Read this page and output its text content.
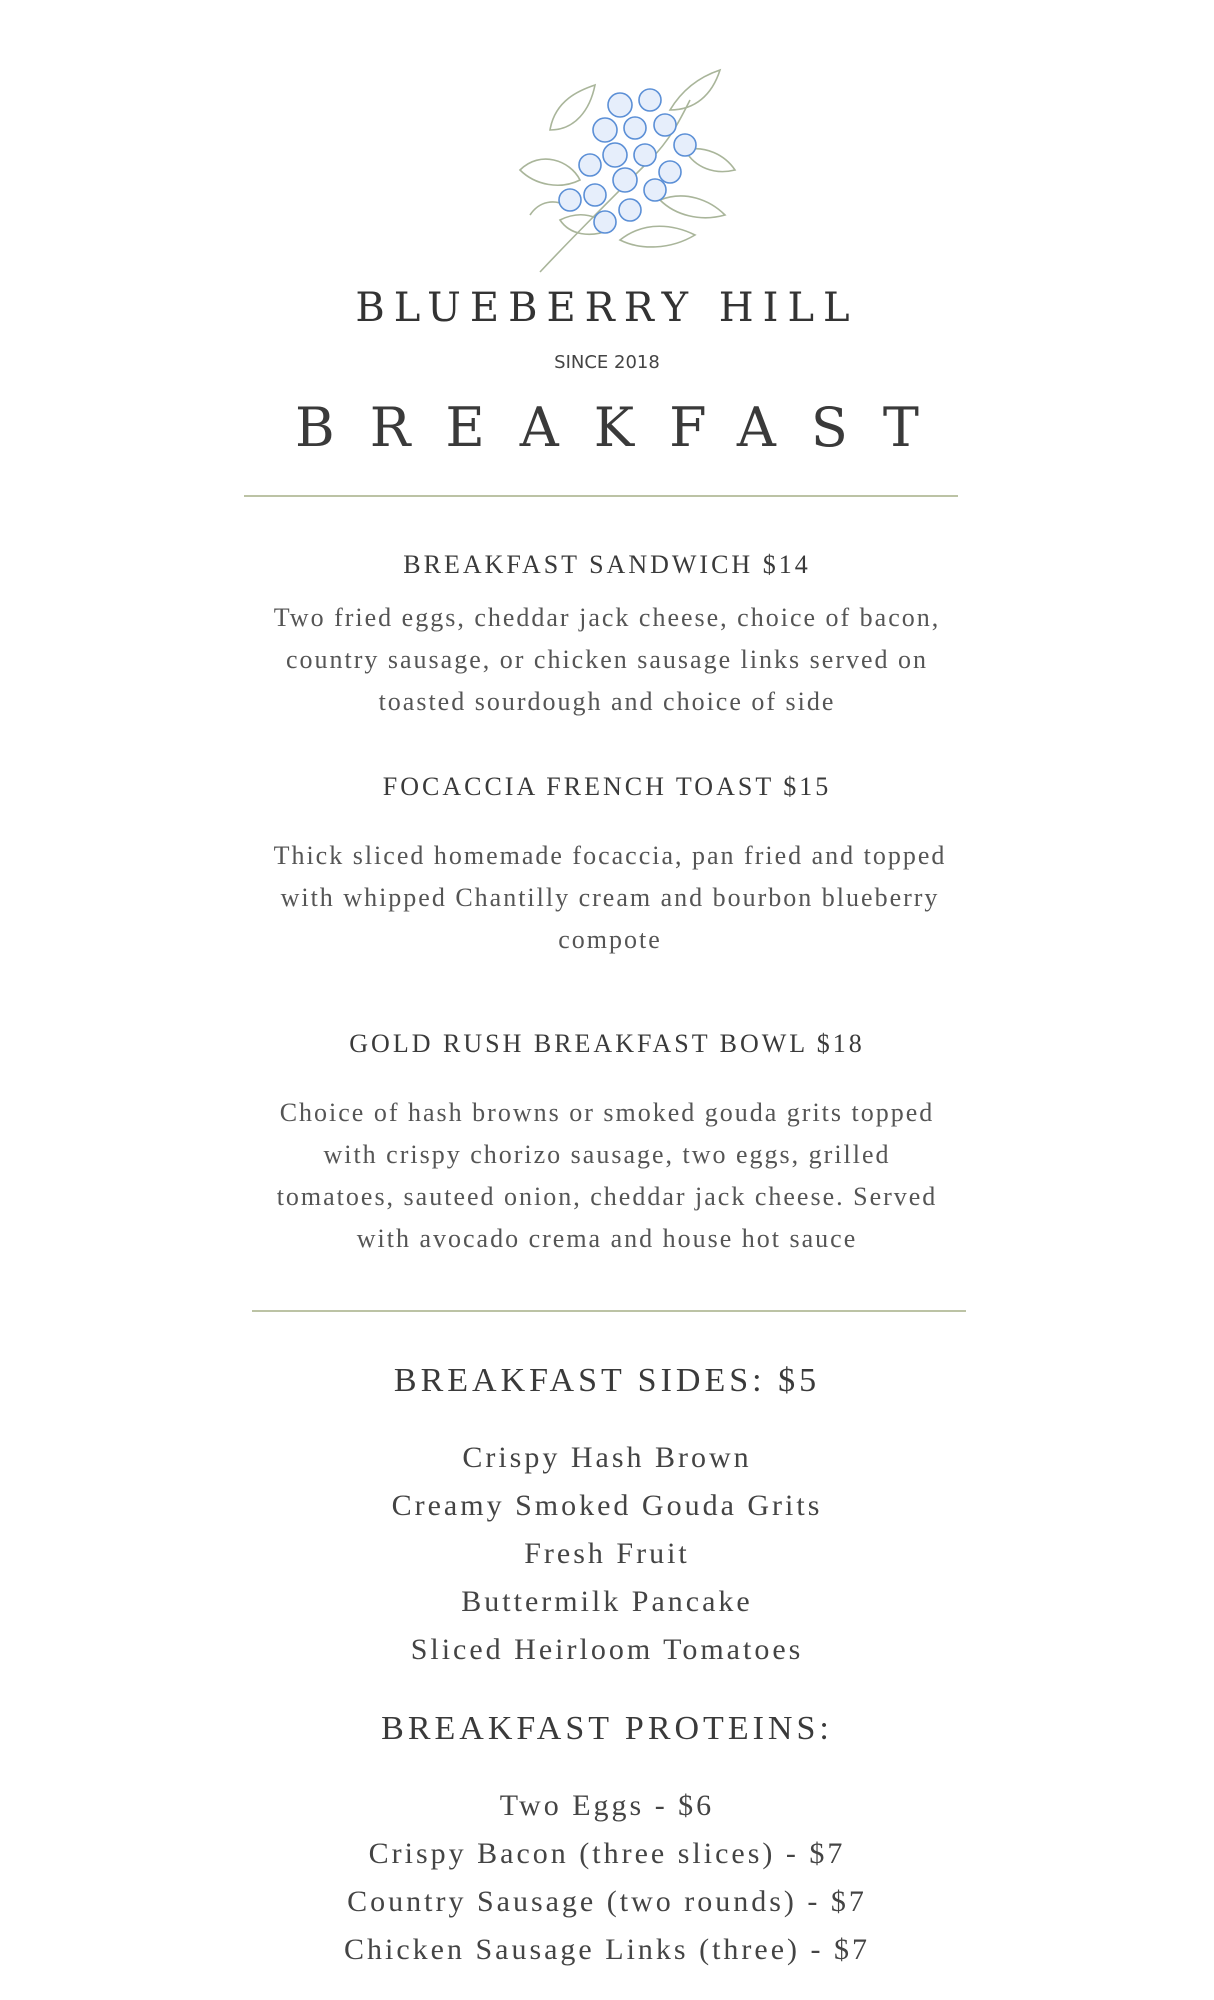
BLUEBERRY HILL
SINCE 2018
BREAKFAST
BREAKFAST SANDWICH $14
Two fried eggs, cheddar jack cheese, choice of bacon, country sausage, or chicken sausage links served on toasted sourdough and choice of side
FOCACCIA FRENCH TOAST $15
Thick sliced homemade focaccia, pan fried and topped with whipped Chantilly cream and bourbon blueberry compote
GOLD RUSH BREAKFAST BOWL $18
Choice of hash browns or smoked gouda grits topped with crispy chorizo sausage, two eggs, grilled tomatoes, sauteed onion, cheddar jack cheese. Served with avocado crema and house hot sauce
BREAKFAST SIDES: $5
Crispy Hash Brown
Creamy Smoked Gouda Grits
Fresh Fruit
Buttermilk Pancake
Sliced Heirloom Tomatoes
BREAKFAST PROTEINS:
Two Eggs - $6
Crispy Bacon (three slices) - $7
Country Sausage (two rounds) - $7
Chicken Sausage Links (three) - $7
